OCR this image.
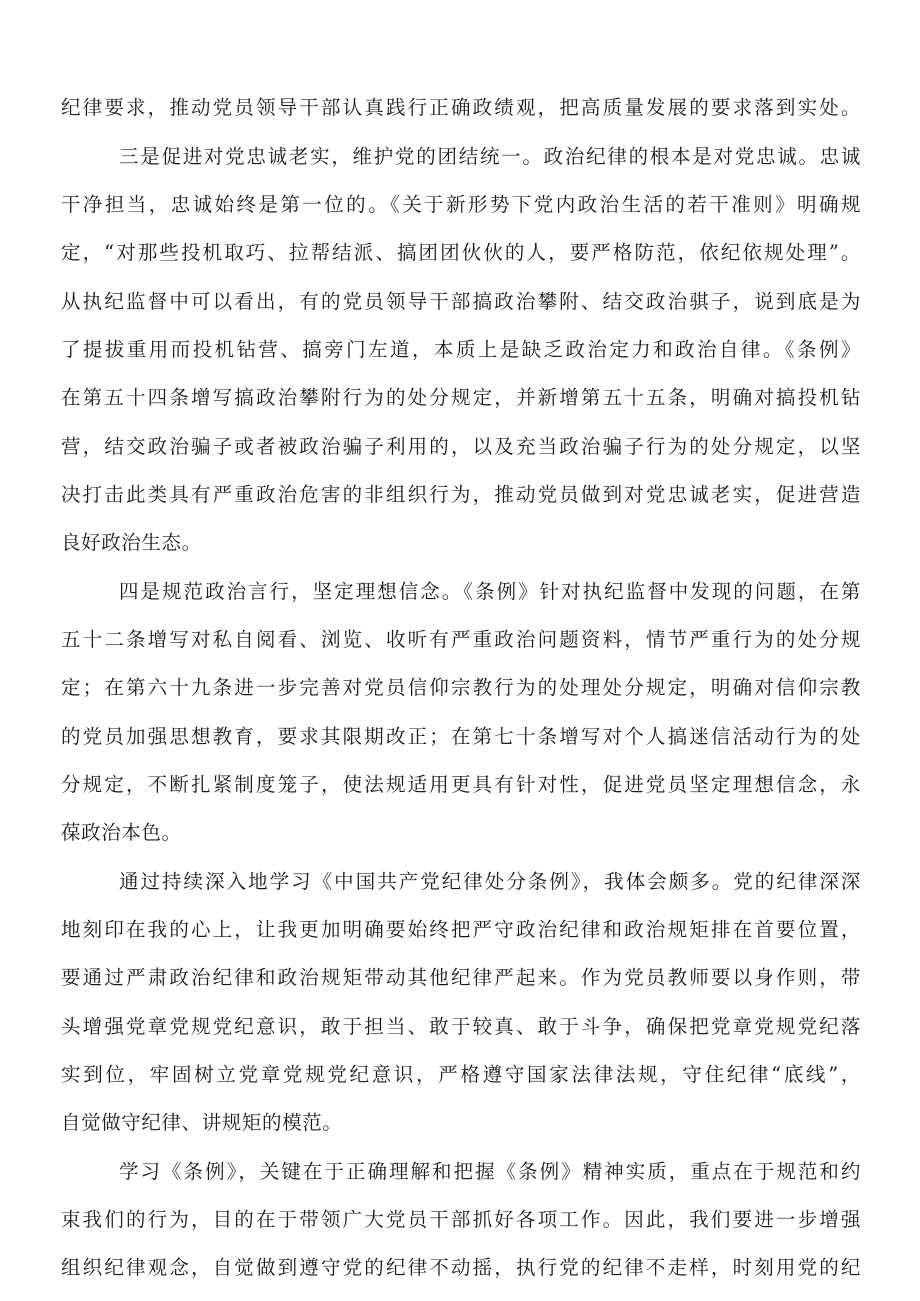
纪律要求，推动党员领导干部认真践行正确政绩观，把高质量发展的要求落到实处。
三是促进对党忠诚老实，维护党的团结统一。政治纪律的根本是对党忠诚。忠诚
干净担当，忠诚始终是第一位的。《关于新形势下党内政治生活的若干准则》明确规
定，“对那些投机取巧、拉帮结派、搞团团伙伙的人，要严格防范，依纪依规处理”。
从执纪监督中可以看出，有的党员领导干部搞政治攀附、结交政治骐子，说到底是为
了提拔重用而投机钻营、搞旁门左道，本质上是缺乏政治定力和政治自律。《条例》
在第五十四条增写搞政治攀附行为的处分规定，并新增第五十五条，明确对搞投机钻
营，结交政治骗子或者被政治骗子利用的，以及充当政治骗子行为的处分规定，以坚
决打击此类具有严重政治危害的非组织行为，推动党员做到对党忠诚老实，促进营造
良好政治生态。
四是规范政治言行，坚定理想信念。《条例》针对执纪监督中发现的问题，在第
五十二条增写对私自阅看、浏览、收听有严重政治问题资料，情节严重行为的处分规
定；在第六十九条进一步完善对党员信仰宗教行为的处理处分规定，明确对信仰宗教
的党员加强思想教育，要求其限期改正；在第七十条增写对个人搞迷信活动行为的处
分规定，不断扎紧制度笼子，使法规适用更具有针对性，促进党员坚定理想信念，永
葆政治本色。
通过持续深入地学习《中国共产党纪律处分条例》，我体会颇多。党的纪律深深
地刻印在我的心上，让我更加明确要始终把严守政治纪律和政治规矩排在首要位置，
要通过严肃政治纪律和政治规矩带动其他纪律严起来。作为党员教师要以身作则，带
头增强党章党规党纪意识，敢于担当、敢于较真、敢于斗争，确保把党章党规党纪落
实到位，牢固树立党章党规党纪意识，严格遵守国家法律法规，守住纪律“底线”，
自觉做守纪律、讲规矩的模范。
学习《条例》，关键在于正确理解和把握《条例》精神实质，重点在于规范和约
束我们的行为，目的在于带领广大党员干部抓好各项工作。因此，我们要进一步增强
组织纪律观念，自觉做到遵守党的纪律不动摇，执行党的纪律不走样，时刻用党的纪
